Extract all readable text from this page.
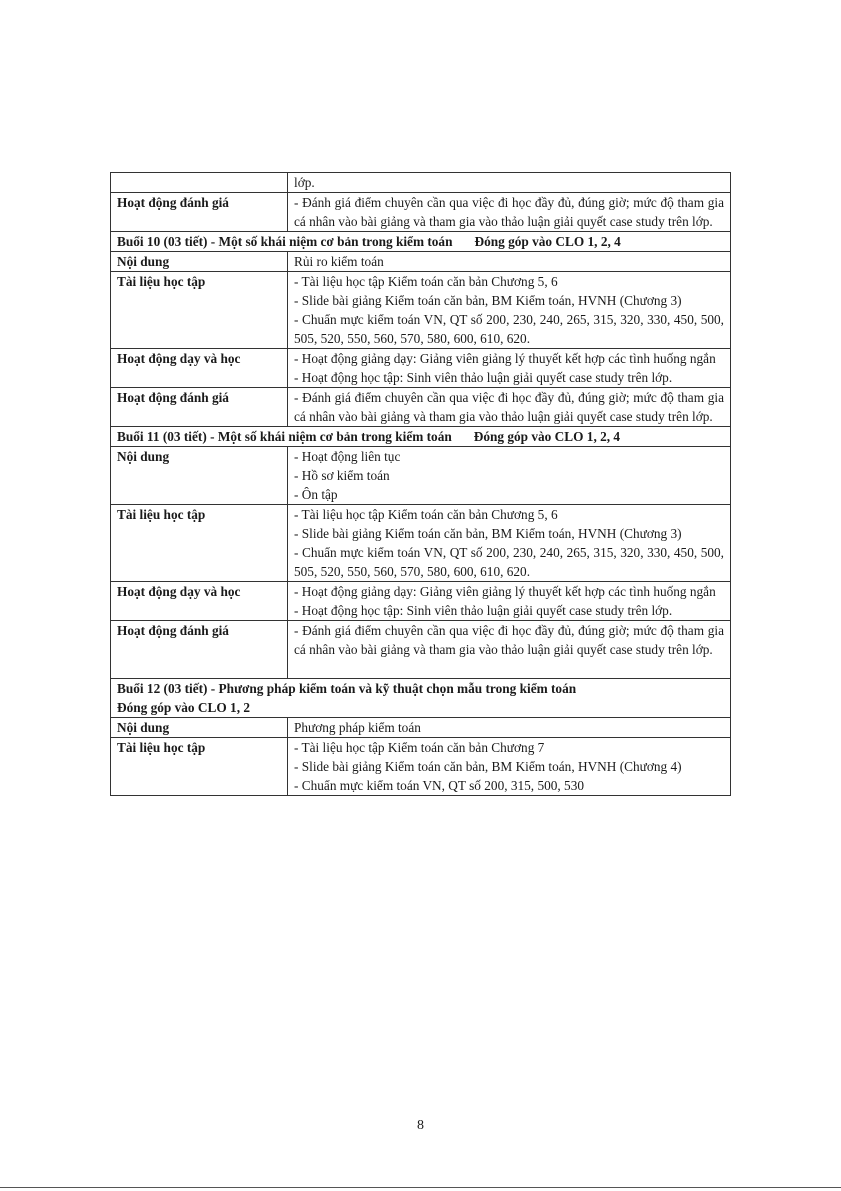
	lớp.

Hoạt động đánh giá	- Đánh giá điểm chuyên cần qua việc đi học đầy đủ, đúng giờ; mức độ tham gia cá nhân vào bài giảng và tham gia vào thảo luận giải quyết case study trên lớp.

Buổi 10 (03 tiết) - Một số khái niệm cơ bản trong kiểm toán Đóng góp vào CLO 1, 2, 4	
Nội dung	Rủi ro kiểm toán

Tài liệu học tập	- Tài liệu học tập Kiểm toán căn bản Chương 5, 6
- Slide bài giảng Kiểm toán căn bản, BM Kiểm toán, HVNH (Chương 3)
- Chuẩn mực kiểm toán VN, QT số 200, 230, 240, 265, 315, 320, 330, 450, 500, 505, 520, 550, 560, 570, 580, 600, 610, 620.

Hoạt động dạy và học	- Hoạt động giảng dạy: Giảng viên giảng lý thuyết kết hợp các tình huống ngắn
- Hoạt động học tập: Sinh viên thảo luận giải quyết case study trên lớp.

Hoạt động đánh giá	- Đánh giá điểm chuyên cần qua việc đi học đầy đủ, đúng giờ; mức độ tham gia cá nhân vào bài giảng và tham gia vào thảo luận giải quyết case study trên lớp.

Buổi 11 (03 tiết) - Một số khái niệm cơ bản trong kiểm toán Đóng góp vào CLO 1, 2, 4	
Nội dung	- Hoạt động liên tục
- Hồ sơ kiểm toán
- Ôn tập

Tài liệu học tập	- Tài liệu học tập Kiểm toán căn bản Chương 5, 6
- Slide bài giảng Kiểm toán căn bản, BM Kiểm toán, HVNH (Chương 3)
- Chuẩn mực kiểm toán VN, QT số 200, 230, 240, 265, 315, 320, 330, 450, 500, 505, 520, 550, 560, 570, 580, 600, 610, 620.

Hoạt động dạy và học	- Hoạt động giảng dạy: Giảng viên giảng lý thuyết kết hợp các tình huống ngắn
- Hoạt động học tập: Sinh viên thảo luận giải quyết case study trên lớp.

Hoạt động đánh giá	- Đánh giá điểm chuyên cần qua việc đi học đầy đủ, đúng giờ; mức độ tham gia cá nhân vào bài giảng và tham gia vào thảo luận giải quyết case study trên lớp.

Buổi 12 (03 tiết) - Phương pháp kiểm toán và kỹ thuật chọn mẫu trong kiểm toán
Đóng góp vào CLO 1, 2	

Nội dung	Phương pháp kiểm toán

Tài liệu học tập	- Tài liệu học tập Kiểm toán căn bản Chương 7
- Slide bài giảng Kiểm toán căn bản, BM Kiểm toán, HVNH (Chương 4)
- Chuẩn mực kiểm toán VN, QT số 200, 315, 500, 530
8
